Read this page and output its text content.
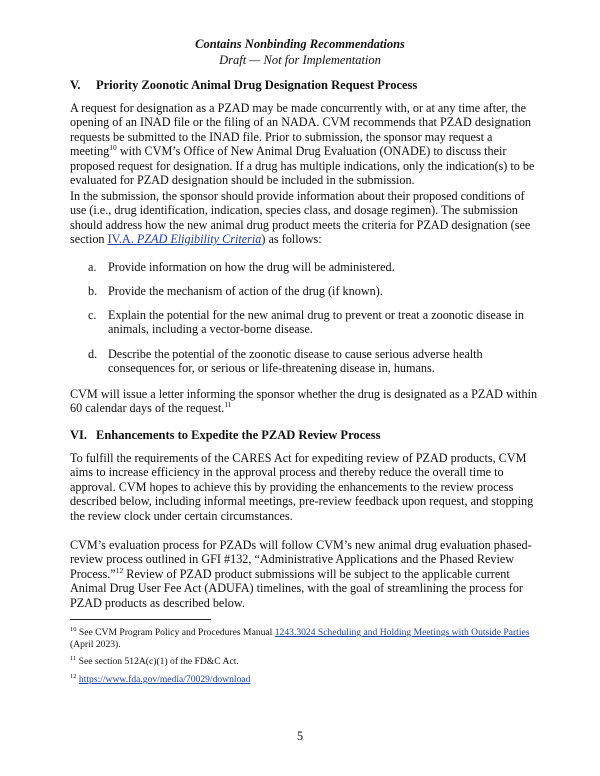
Contains Nonbinding Recommendations
Draft — Not for Implementation
V. Priority Zoonotic Animal Drug Designation Request Process
A request for designation as a PZAD may be made concurrently with, or at any time after, the opening of an INAD file or the filing of an NADA. CVM recommends that PZAD designation requests be submitted to the INAD file. Prior to submission, the sponsor may request a meeting$^{10}$ with CVM’s Office of New Animal Drug Evaluation (ONADE) to discuss their proposed request for designation. If a drug has multiple indications, only the indication(s) to be evaluated for PZAD designation should be included in the submission.
In the submission, the sponsor should provide information about their proposed conditions of use (i.e., drug identification, indication, species class, and dosage regimen). The submission should address how the new animal drug product meets the criteria for PZAD designation (see section IV.A. PZAD Eligibility Criteria) as follows:
a. Provide information on how the drug will be administered.
b. Provide the mechanism of action of the drug (if known).
c. Explain the potential for the new animal drug to prevent or treat a zoonotic disease in animals, including a vector-borne disease.
d. Describe the potential of the zoonotic disease to cause serious adverse health consequences for, or serious or life-threatening disease in, humans.
CVM will issue a letter informing the sponsor whether the drug is designated as a PZAD within 60 calendar days of the request.$^{11}$
VI. Enhancements to Expedite the PZAD Review Process
To fulfill the requirements of the CARES Act for expediting review of PZAD products, CVM aims to increase efficiency in the approval process and thereby reduce the overall time to approval. CVM hopes to achieve this by providing the enhancements to the review process described below, including informal meetings, pre-review feedback upon request, and stopping the review clock under certain circumstances.
CVM’s evaluation process for PZADs will follow CVM’s new animal drug evaluation phased-review process outlined in GFI #132, “Administrative Applications and the Phased Review Process.”$^{12}$ Review of PZAD product submissions will be subject to the applicable current Animal Drug User Fee Act (ADUFA) timelines, with the goal of streamlining the process for PZAD products as described below.
$^{10}$ See CVM Program Policy and Procedures Manual 1243.3024 Scheduling and Holding Meetings with Outside Parties (April 2023).
$^{11}$ See section 512A(c)(1) of the FD&C Act.
$^{12}$ https://www.fda.gov/media/70029/download
5
